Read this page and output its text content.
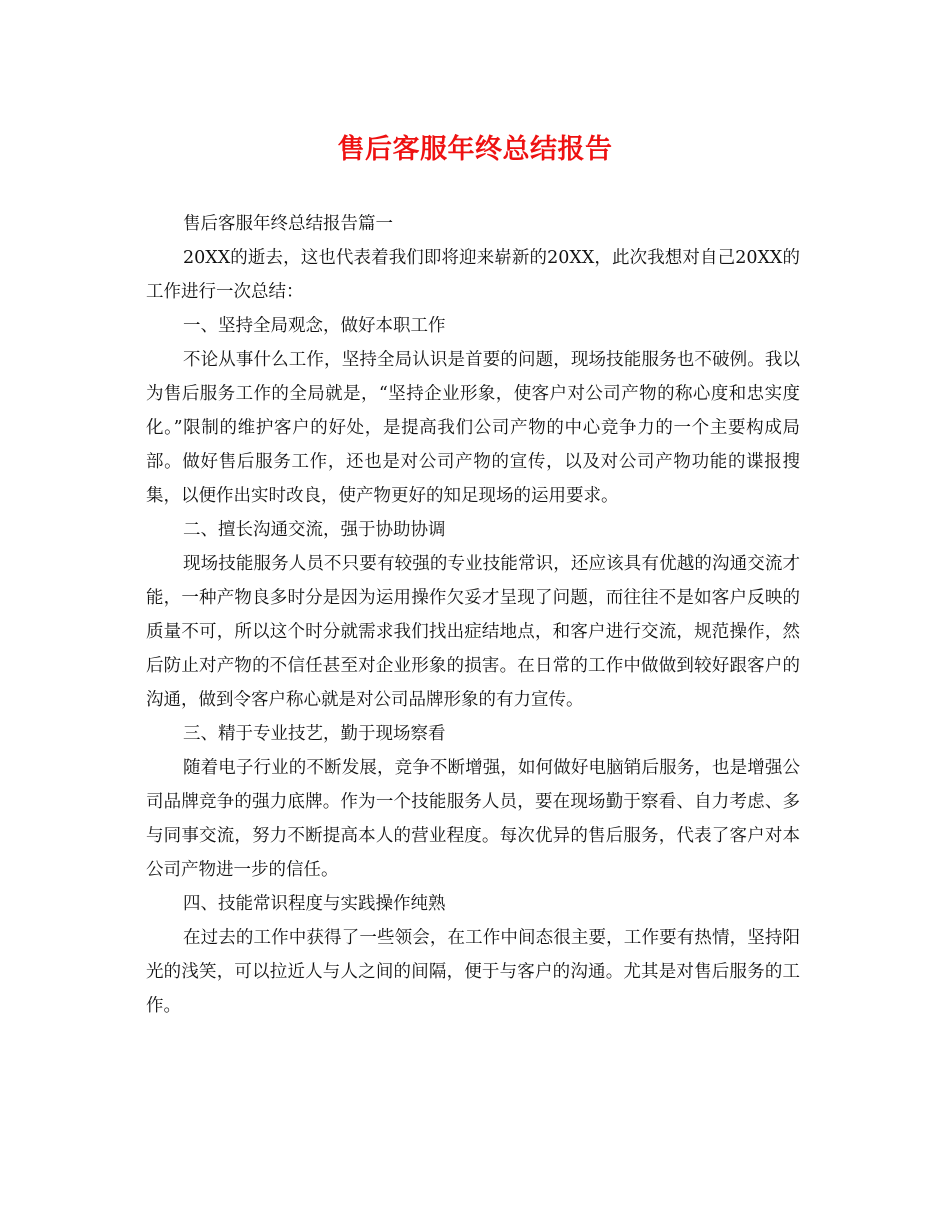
售后客服年终总结报告

售后客服年终总结报告篇一

20XX的逝去，这也代表着我们即将迎来崭新的20XX，此次我想对自己20XX的工作进行一次总结：

一、坚持全局观念，做好本职工作

不论从事什么工作，坚持全局认识是首要的问题，现场技能服务也不破例。我以为售后服务工作的全局就是，“坚持企业形象，使客户对公司产物的称心度和忠实度化。”限制的维护客户的好处，是提高我们公司产物的中心竞争力的一个主要构成局部。做好售后服务工作，还也是对公司产物的宣传，以及对公司产物功能的谍报搜集，以便作出实时改良，使产物更好的知足现场的运用要求。

二、擅长沟通交流，强于协助协调

现场技能服务人员不只要有较强的专业技能常识，还应该具有优越的沟通交流才能，一种产物良多时分是因为运用操作欠妥才呈现了问题，而往往不是如客户反映的质量不可，所以这个时分就需求我们找出症结地点，和客户进行交流，规范操作，然后防止对产物的不信任甚至对企业形象的损害。在日常的工作中做做到较好跟客户的沟通，做到令客户称心就是对公司品牌形象的有力宣传。

三、精于专业技艺，勤于现场察看

随着电子行业的不断发展，竞争不断增强，如何做好电脑销后服务，也是增强公司品牌竞争的强力底牌。作为一个技能服务人员，要在现场勤于察看、自力考虑、多与同事交流，努力不断提高本人的营业程度。每次优异的售后服务，代表了客户对本公司产物进一步的信任。

四、技能常识程度与实践操作纯熟

在过去的工作中获得了一些领会，在工作中间态很主要，工作要有热情，坚持阳光的浅笑，可以拉近人与人之间的间隔，便于与客户的沟通。尤其是对售后服务的工作。
